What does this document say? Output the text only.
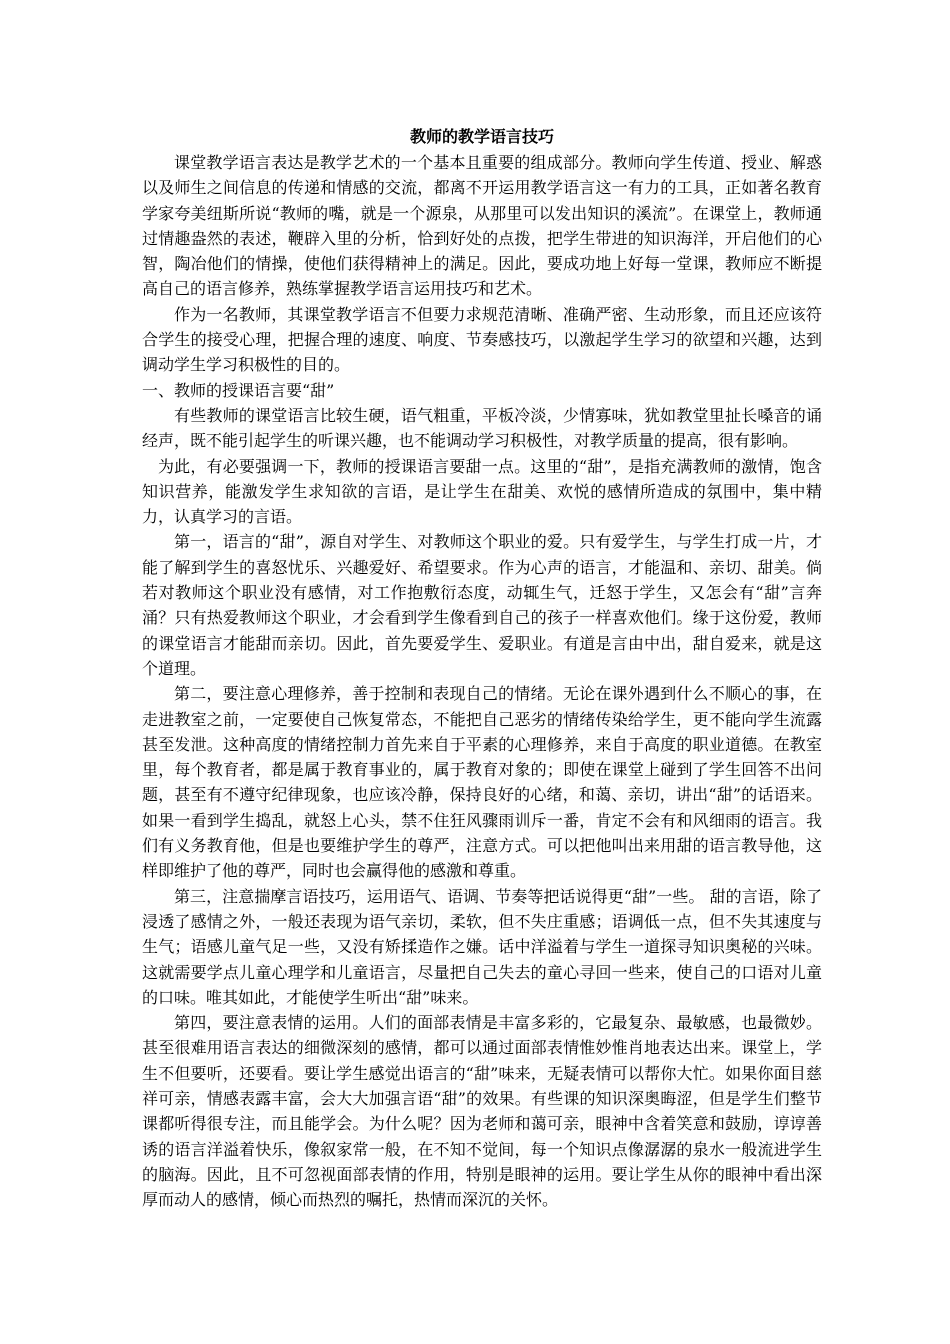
教师的教学语言技巧

课堂教学语言表达是教学艺术的一个基本且重要的组成部分。教师向学生传道、授业、解惑以及师生之间信息的传递和情感的交流，都离不开运用教学语言这一有力的工具，正如著名教育学家夸美纽斯所说“教师的嘴，就是一个源泉，从那里可以发出知识的溪流”。在课堂上，教师通过情趣盎然的表述，鞭辟入里的分析，恰到好处的点拨，把学生带进的知识海洋，开启他们的心智，陶冶他们的情操，使他们获得精神上的满足。因此，要成功地上好每一堂课，教师应不断提高自己的语言修养，熟练掌握教学语言运用技巧和艺术。

作为一名教师，其课堂教学语言不但要力求规范清晰、准确严密、生动形象，而且还应该符合学生的接受心理，把握合理的速度、响度、节奏感技巧，以激起学生学习的欲望和兴趣，达到调动学生学习积极性的目的。

一、教师的授课语言要“甜”

有些教师的课堂语言比较生硬，语气粗重，平板冷淡，少情寡味，犹如教堂里扯长嗓音的诵经声，既不能引起学生的听课兴趣，也不能调动学习积极性，对教学质量的提高，很有影响。

为此，有必要强调一下，教师的授课语言要甜一点。这里的“甜”，是指充满教师的激情，饱含知识营养，能激发学生求知欲的言语，是让学生在甜美、欢悦的感情所造成的氛围中，集中精力，认真学习的言语。

第一，语言的“甜”，源自对学生、对教师这个职业的爱。只有爱学生，与学生打成一片，才能了解到学生的喜怒忧乐、兴趣爱好、希望要求。作为心声的语言，才能温和、亲切、甜美。倘若对教师这个职业没有感情，对工作抱敷衍态度，动辄生气，迁怒于学生，又怎会有“甜”言奔涌？只有热爱教师这个职业，才会看到学生像看到自己的孩子一样喜欢他们。缘于这份爱，教师的课堂语言才能甜而亲切。因此，首先要爱学生、爱职业。有道是言由中出，甜自爱来，就是这个道理。

第二，要注意心理修养，善于控制和表现自己的情绪。无论在课外遇到什么不顺心的事，在走进教室之前，一定要使自己恢复常态，不能把自己恶劣的情绪传染给学生，更不能向学生流露甚至发泄。这种高度的情绪控制力首先来自于平素的心理修养，来自于高度的职业道德。在教室里，每个教育者，都是属于教育事业的，属于教育对象的；即使在课堂上碰到了学生回答不出问题，甚至有不遵守纪律现象，也应该冷静，保持良好的心绪，和蔼、亲切，讲出“甜”的话语来。如果一看到学生捣乱，就怒上心头，禁不住狂风骤雨训斥一番，肯定不会有和风细雨的语言。我们有义务教育他，但是也要维护学生的尊严，注意方式。可以把他叫出来用甜的语言教导他，这样即维护了他的尊严，同时也会赢得他的感激和尊重。

第三，注意揣摩言语技巧，运用语气、语调、节奏等把话说得更“甜”一些。 甜的言语，除了浸透了感情之外，一般还表现为语气亲切，柔软，但不失庄重感；语调低一点，但不失其速度与生气；语感儿童气足一些，又没有矫揉造作之嫌。话中洋溢着与学生一道探寻知识奥秘的兴味。这就需要学点儿童心理学和儿童语言，尽量把自己失去的童心寻回一些来，使自己的口语对儿童的口味。唯其如此，才能使学生听出“甜”味来。

第四，要注意表情的运用。人们的面部表情是丰富多彩的，它最复杂、最敏感，也最微妙。甚至很难用语言表达的细微深刻的感情，都可以通过面部表情惟妙惟肖地表达出来。课堂上，学生不但要听，还要看。要让学生感觉出语言的“甜”味来，无疑表情可以帮你大忙。如果你面目慈祥可亲，情感表露丰富，会大大加强言语“甜”的效果。有些课的知识深奥晦涩，但是学生们整节课都听得很专注，而且能学会。为什么呢？因为老师和蔼可亲，眼神中含着笑意和鼓励，谆谆善诱的语言洋溢着快乐，像叙家常一般，在不知不觉间，每一个知识点像潺潺的泉水一般流进学生的脑海。因此，且不可忽视面部表情的作用，特别是眼神的运用。要让学生从你的眼神中看出深厚而动人的感情，倾心而热烈的嘱托，热情而深沉的关怀。
